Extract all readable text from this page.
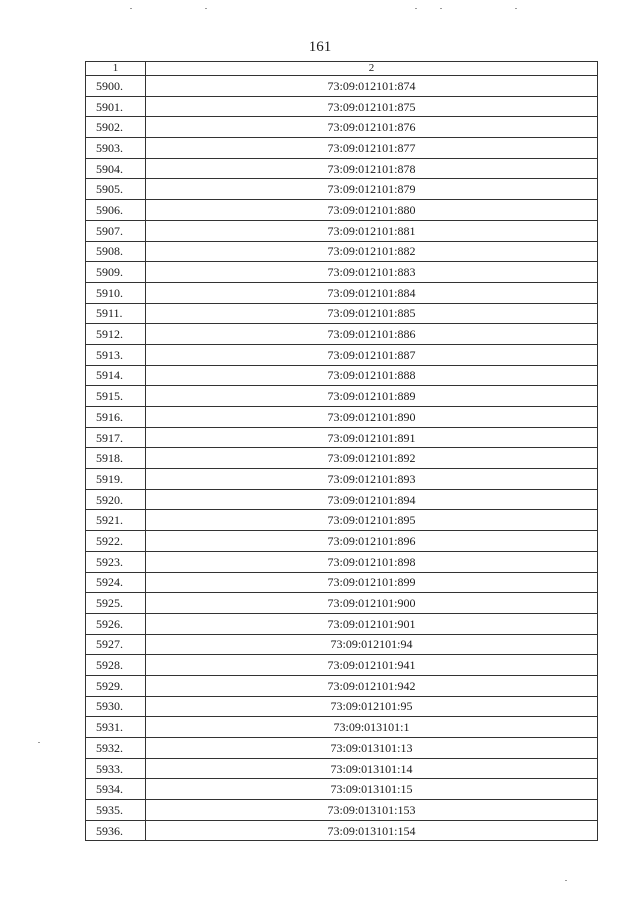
161
1	2
5900.	73:09:012101:874
5901.	73:09:012101:875
5902.	73:09:012101:876
5903.	73:09:012101:877
5904.	73:09:012101:878
5905.	73:09:012101:879
5906.	73:09:012101:880
5907.	73:09:012101:881
5908.	73:09:012101:882
5909.	73:09:012101:883
5910.	73:09:012101:884
5911.	73:09:012101:885
5912.	73:09:012101:886
5913.	73:09:012101:887
5914.	73:09:012101:888
5915.	73:09:012101:889
5916.	73:09:012101:890
5917.	73:09:012101:891
5918.	73:09:012101:892
5919.	73:09:012101:893
5920.	73:09:012101:894
5921.	73:09:012101:895
5922.	73:09:012101:896
5923.	73:09:012101:898
5924.	73:09:012101:899
5925.	73:09:012101:900
5926.	73:09:012101:901
5927.	73:09:012101:94
5928.	73:09:012101:941
5929.	73:09:012101:942
5930.	73:09:012101:95
5931.	73:09:013101:1
5932.	73:09:013101:13
5933.	73:09:013101:14
5934.	73:09:013101:15
5935.	73:09:013101:153
5936.	73:09:013101:154
